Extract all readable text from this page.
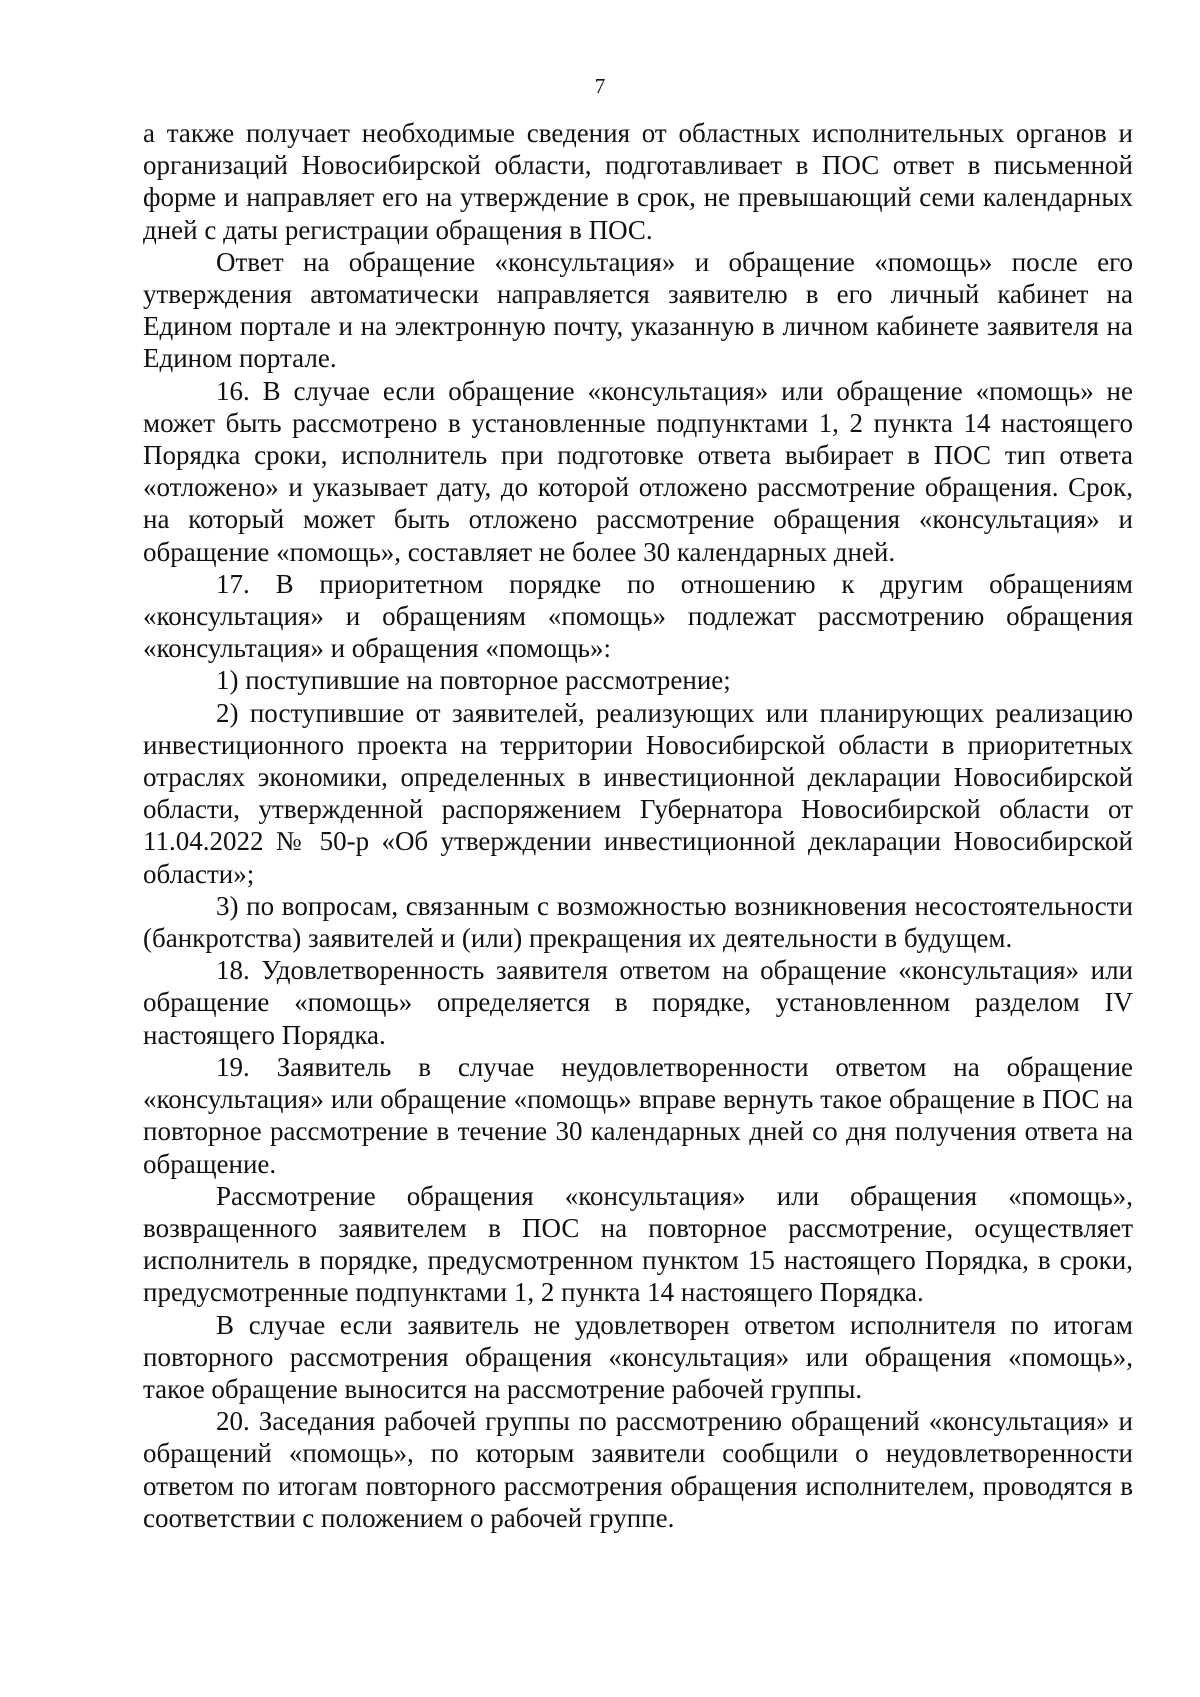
7

а также получает необходимые сведения от областных исполнительных органов и организаций Новосибирской области, подготавливает в ПОС ответ в письменной форме и направляет его на утверждение в срок, не превышающий семи календарных дней с даты регистрации обращения в ПОС.

Ответ на обращение «консультация» и обращение «помощь» после его утверждения автоматически направляется заявителю в его личный кабинет на Едином портале и на электронную почту, указанную в личном кабинете заявителя на Едином портале.

16. В случае если обращение «консультация» или обращение «помощь» не может быть рассмотрено в установленные подпунктами 1, 2 пункта 14 настоящего Порядка сроки, исполнитель при подготовке ответа выбирает в ПОС тип ответа «отложено» и указывает дату, до которой отложено рассмотрение обращения. Срок, на который может быть отложено рассмотрение обращения «консультация» и обращение «помощь», составляет не более 30 календарных дней.

17. В приоритетном порядке по отношению к другим обращениям «консультация» и обращениям «помощь» подлежат рассмотрению обращения «консультация» и обращения «помощь»:

1) поступившие на повторное рассмотрение;

2) поступившие от заявителей, реализующих или планирующих реализацию инвестиционного проекта на территории Новосибирской области в приоритетных отраслях экономики, определенных в инвестиционной декларации Новосибирской области, утвержденной распоряжением Губернатора Новосибирской области от 11.04.2022 № 50-р «Об утверждении инвестиционной декларации Новосибирской области»;

3) по вопросам, связанным с возможностью возникновения несостоятельности (банкротства) заявителей и (или) прекращения их деятельности в будущем.

18. Удовлетворенность заявителя ответом на обращение «консультация» или обращение «помощь» определяется в порядке, установленном разделом IV настоящего Порядка.

19. Заявитель в случае неудовлетворенности ответом на обращение «консультация» или обращение «помощь» вправе вернуть такое обращение в ПОС на повторное рассмотрение в течение 30 календарных дней со дня получения ответа на обращение.

Рассмотрение обращения «консультация» или обращения «помощь», возвращенного заявителем в ПОС на повторное рассмотрение, осуществляет исполнитель в порядке, предусмотренном пунктом 15 настоящего Порядка, в сроки, предусмотренные подпунктами 1, 2 пункта 14 настоящего Порядка.

В случае если заявитель не удовлетворен ответом исполнителя по итогам повторного рассмотрения обращения «консультация» или обращения «помощь», такое обращение выносится на рассмотрение рабочей группы.

20. Заседания рабочей группы по рассмотрению обращений «консультация» и обращений «помощь», по которым заявители сообщили о неудовлетворенности ответом по итогам повторного рассмотрения обращения исполнителем, проводятся в соответствии с положением о рабочей группе.
